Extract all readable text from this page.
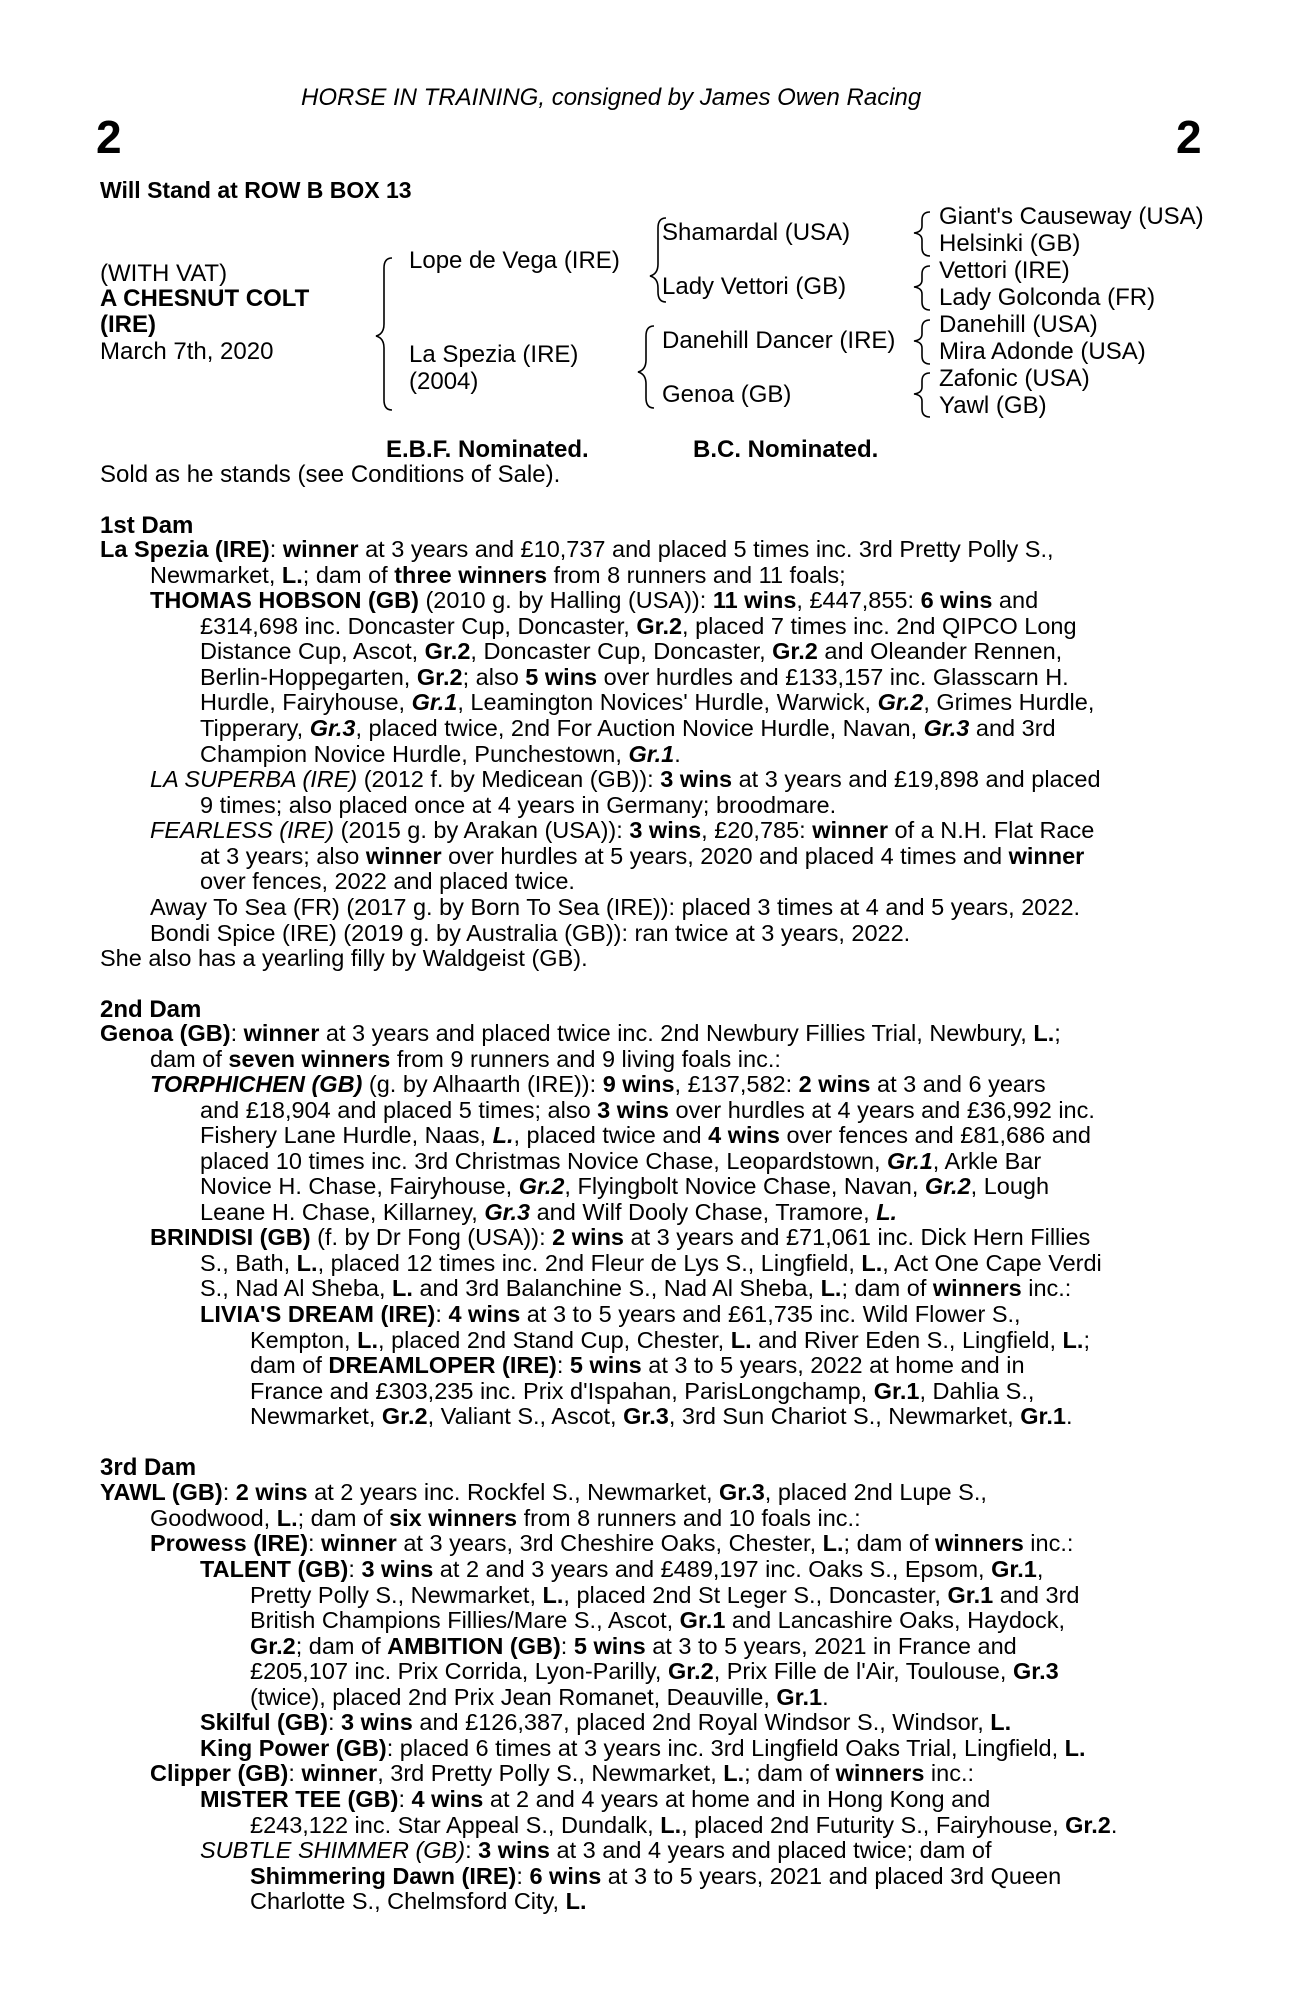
HORSE IN TRAINING, consigned by James Owen Racing
2	2
Will Stand at ROW B BOX 13
(WITH VAT)
A CHESNUT COLT
(IRE)
March 7th, 2020
Lope de Vega (IRE)
La Spezia (IRE)
(2004)
Shamardal (USA)
Lady Vettori (GB)
Danehill Dancer (IRE)
Genoa (GB)
Giant's Causeway (USA)
Helsinki (GB)
Vettori (IRE)
Lady Golconda (FR)
Danehill (USA)
Mira Adonde (USA)
Zafonic (USA)
Yawl (GB)
E.B.F. Nominated.	B.C. Nominated.
Sold as he stands (see Conditions of Sale).
1st Dam
La Spezia (IRE): winner at 3 years and £10,737 and placed 5 times inc. 3rd Pretty Polly S.,
Newmarket, L.; dam of three winners from 8 runners and 11 foals;
THOMAS HOBSON (GB) (2010 g. by Halling (USA)): 11 wins, £447,855: 6 wins and
£314,698 inc. Doncaster Cup, Doncaster, Gr.2, placed 7 times inc. 2nd QIPCO Long
Distance Cup, Ascot, Gr.2, Doncaster Cup, Doncaster, Gr.2 and Oleander Rennen,
Berlin-Hoppegarten, Gr.2; also 5 wins over hurdles and £133,157 inc. Glasscarn H.
Hurdle, Fairyhouse, Gr.1, Leamington Novices' Hurdle, Warwick, Gr.2, Grimes Hurdle,
Tipperary, Gr.3, placed twice, 2nd For Auction Novice Hurdle, Navan, Gr.3 and 3rd
Champion Novice Hurdle, Punchestown, Gr.1.
LA SUPERBA (IRE) (2012 f. by Medicean (GB)): 3 wins at 3 years and £19,898 and placed
9 times; also placed once at 4 years in Germany; broodmare.
FEARLESS (IRE) (2015 g. by Arakan (USA)): 3 wins, £20,785: winner of a N.H. Flat Race
at 3 years; also winner over hurdles at 5 years, 2020 and placed 4 times and winner
over fences, 2022 and placed twice.
Away To Sea (FR) (2017 g. by Born To Sea (IRE)): placed 3 times at 4 and 5 years, 2022.
Bondi Spice (IRE) (2019 g. by Australia (GB)): ran twice at 3 years, 2022.
She also has a yearling filly by Waldgeist (GB).
2nd Dam
Genoa (GB): winner at 3 years and placed twice inc. 2nd Newbury Fillies Trial, Newbury, L.;
dam of seven winners from 9 runners and 9 living foals inc.:
TORPHICHEN (GB) (g. by Alhaarth (IRE)): 9 wins, £137,582: 2 wins at 3 and 6 years
and £18,904 and placed 5 times; also 3 wins over hurdles at 4 years and £36,992 inc.
Fishery Lane Hurdle, Naas, L., placed twice and 4 wins over fences and £81,686 and
placed 10 times inc. 3rd Christmas Novice Chase, Leopardstown, Gr.1, Arkle Bar
Novice H. Chase, Fairyhouse, Gr.2, Flyingbolt Novice Chase, Navan, Gr.2, Lough
Leane H. Chase, Killarney, Gr.3 and Wilf Dooly Chase, Tramore, L.
BRINDISI (GB) (f. by Dr Fong (USA)): 2 wins at 3 years and £71,061 inc. Dick Hern Fillies
S., Bath, L., placed 12 times inc. 2nd Fleur de Lys S., Lingfield, L., Act One Cape Verdi
S., Nad Al Sheba, L. and 3rd Balanchine S., Nad Al Sheba, L.; dam of winners inc.:
LIVIA'S DREAM (IRE): 4 wins at 3 to 5 years and £61,735 inc. Wild Flower S.,
Kempton, L., placed 2nd Stand Cup, Chester, L. and River Eden S., Lingfield, L.;
dam of DREAMLOPER (IRE): 5 wins at 3 to 5 years, 2022 at home and in
France and £303,235 inc. Prix d'Ispahan, ParisLongchamp, Gr.1, Dahlia S.,
Newmarket, Gr.2, Valiant S., Ascot, Gr.3, 3rd Sun Chariot S., Newmarket, Gr.1.
3rd Dam
YAWL (GB): 2 wins at 2 years inc. Rockfel S., Newmarket, Gr.3, placed 2nd Lupe S.,
Goodwood, L.; dam of six winners from 8 runners and 10 foals inc.:
Prowess (IRE): winner at 3 years, 3rd Cheshire Oaks, Chester, L.; dam of winners inc.:
TALENT (GB): 3 wins at 2 and 3 years and £489,197 inc. Oaks S., Epsom, Gr.1,
Pretty Polly S., Newmarket, L., placed 2nd St Leger S., Doncaster, Gr.1 and 3rd
British Champions Fillies/Mare S., Ascot, Gr.1 and Lancashire Oaks, Haydock,
Gr.2; dam of AMBITION (GB): 5 wins at 3 to 5 years, 2021 in France and
£205,107 inc. Prix Corrida, Lyon-Parilly, Gr.2, Prix Fille de l'Air, Toulouse, Gr.3
(twice), placed 2nd Prix Jean Romanet, Deauville, Gr.1.
Skilful (GB): 3 wins and £126,387, placed 2nd Royal Windsor S., Windsor, L.
King Power (GB): placed 6 times at 3 years inc. 3rd Lingfield Oaks Trial, Lingfield, L.
Clipper (GB): winner, 3rd Pretty Polly S., Newmarket, L.; dam of winners inc.:
MISTER TEE (GB): 4 wins at 2 and 4 years at home and in Hong Kong and
£243,122 inc. Star Appeal S., Dundalk, L., placed 2nd Futurity S., Fairyhouse, Gr.2.
SUBTLE SHIMMER (GB): 3 wins at 3 and 4 years and placed twice; dam of
Shimmering Dawn (IRE): 6 wins at 3 to 5 years, 2021 and placed 3rd Queen
Charlotte S., Chelmsford City, L.
